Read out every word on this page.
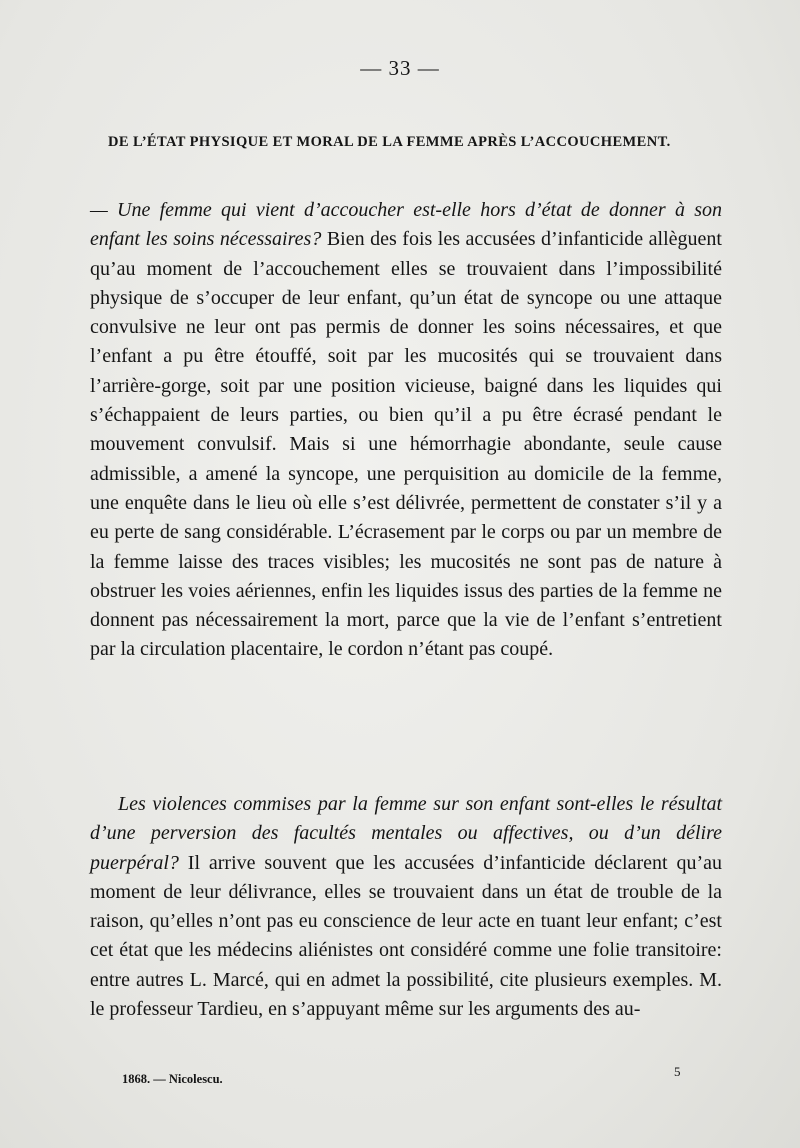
— 33 —
DE L’ÉTAT PHYSIQUE ET MORAL DE LA FEMME APRÈS L’ACCOUCHEMENT.

— Une femme qui vient d’accoucher est-elle hors d’état de donner à son enfant les soins nécessaires? Bien des fois les accusées d’infanticide allèguent qu’au moment de l’accouchement elles se trouvaient dans l’impossibilité physique de s’occuper de leur enfant, qu’un état de syncope ou une attaque convulsive ne leur ont pas permis de donner les soins nécessaires, et que l’enfant a pu être étouffé, soit par les mucosités qui se trouvaient dans l’arrière-gorge, soit par une position vicieuse, baigné dans les liquides qui s’échappaient de leurs parties, ou bien qu’il a pu être écrasé pendant le mouvement convulsif. Mais si une hémorrhagie abondante, seule cause admissible, a amené la syncope, une perquisition au domicile de la femme, une enquête dans le lieu où elle s’est délivrée, permettent de constater s’il y a eu perte de sang considérable. L’écrasement par le corps ou par un membre de la femme laisse des traces visibles; les mucosités ne sont pas de nature à obstruer les voies aériennes, enfin les liquides issus des parties de la femme ne donnent pas nécessairement la mort, parce que la vie de l’enfant s’entretient par la circulation placentaire, le cordon n’étant pas coupé.

Les violences commises par la femme sur son enfant sont-elles le résultat d’une perversion des facultés mentales ou affectives, ou d’un délire puerpéral? Il arrive souvent que les accusées d’infanticide déclarent qu’au moment de leur délivrance, elles se trouvaient dans un état de trouble de la raison, qu’elles n’ont pas eu conscience de leur acte en tuant leur enfant; c’est cet état que les médecins aliénistes ont considéré comme une folie transitoire: entre autres L. Marcé, qui en admet la possibilité, cite plusieurs exemples. M. le professeur Tardieu, en s’appuyant même sur les arguments des au-

1868. — Nicolescu.	5
